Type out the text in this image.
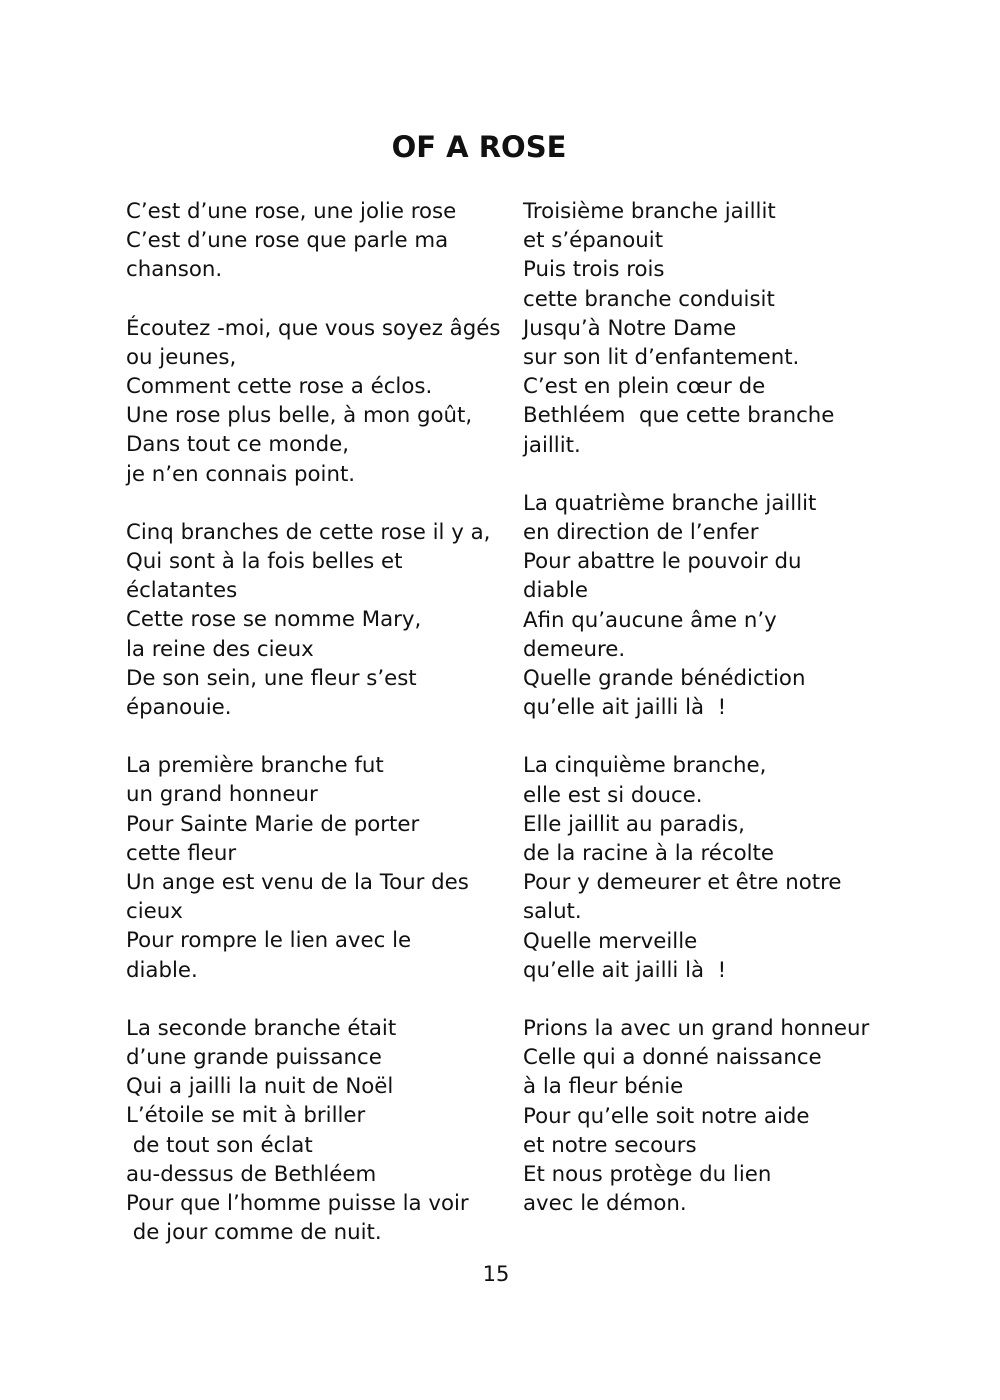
OF A ROSE
C’est d’une rose, une jolie rose
C’est d’une rose que parle ma
chanson.
Écoutez -moi, que vous soyez âgés
ou jeunes,
Comment cette rose a éclos.
Une rose plus belle, à mon goût,
Dans tout ce monde,
je n’en connais point.
Cinq branches de cette rose il y a,
Qui sont à la fois belles et
éclatantes
Cette rose se nomme Mary,
la reine des cieux
De son sein, une fleur s’est
épanouie.
La première branche fut
un grand honneur
Pour Sainte Marie de porter
cette fleur
Un ange est venu de la Tour des
cieux
Pour rompre le lien avec le
diable.
La seconde branche était
d’une grande puissance
Qui a jailli la nuit de Noël
L’étoile se mit à briller
de tout son éclat
au-dessus de Bethléem
Pour que l’homme puisse la voir
de jour comme de nuit.
Troisième branche jaillit
et s’épanouit
Puis trois rois
cette branche conduisit
Jusqu’à Notre Dame
sur son lit d’enfantement.
C’est en plein cœur de
Bethléem  que cette branche
jaillit.
La quatrième branche jaillit
en direction de l’enfer
Pour abattre le pouvoir du
diable
Afin qu’aucune âme n’y
demeure.
Quelle grande bénédiction
qu’elle ait jailli là  !
La cinquième branche,
elle est si douce.
Elle jaillit au paradis,
de la racine à la récolte
Pour y demeurer et être notre
salut.
Quelle merveille
qu’elle ait jailli là  !
Prions la avec un grand honneur
Celle qui a donné naissance
à la fleur bénie
Pour qu’elle soit notre aide
et notre secours
Et nous protège du lien
avec le démon.

15
